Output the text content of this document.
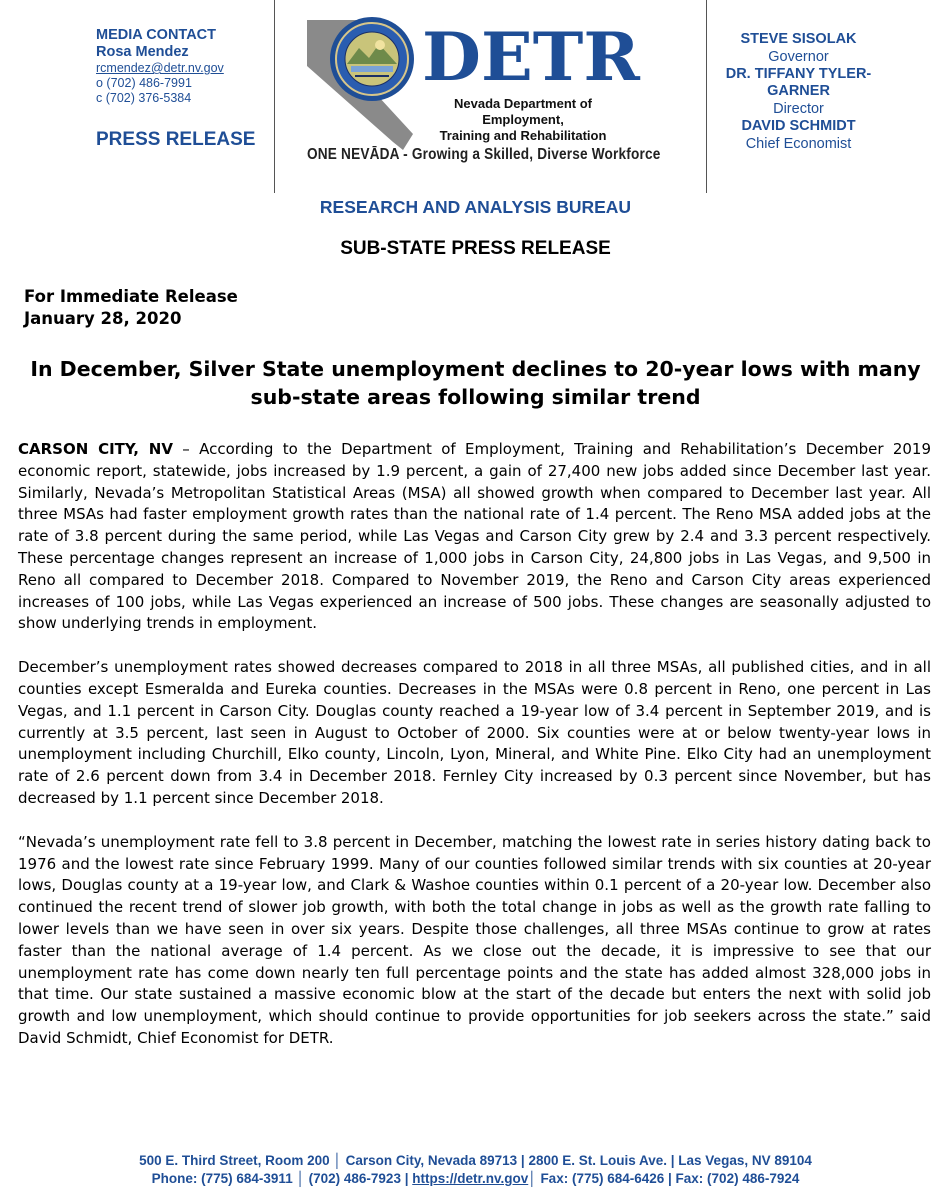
MEDIA CONTACT
Rosa Mendez
rcmendez@detr.nv.gov
o (702) 486-7991
c (702) 376-5384
PRESS RELEASE
DETR
Nevada Department of Employment,
Training and Rehabilitation
ONE NEVĀDA - Growing a Skilled, Diverse Workforce
STEVE SISOLAK
Governor
DR. TIFFANY TYLER-GARNER
Director
DAVID SCHMIDT
Chief Economist
RESEARCH AND ANALYSIS BUREAU
SUB-STATE PRESS RELEASE
For Immediate Release
January 28, 2020
In December, Silver State unemployment declines to 20-year lows with many sub-state areas following similar trend

CARSON CITY, NV – According to the Department of Employment, Training and Rehabilitation’s December 2019 economic report, statewide, jobs increased by 1.9 percent, a gain of 27,400 new jobs added since December last year. Similarly, Nevada’s Metropolitan Statistical Areas (MSA) all showed growth when compared to December last year. All three MSAs had faster employment growth rates than the national rate of 1.4 percent. The Reno MSA added jobs at the rate of 3.8 percent during the same period, while Las Vegas and Carson City grew by 2.4 and 3.3 percent respectively. These percentage changes represent an increase of 1,000 jobs in Carson City, 24,800 jobs in Las Vegas, and 9,500 in Reno all compared to December 2018. Compared to November 2019, the Reno and Carson City areas experienced increases of 100 jobs, while Las Vegas experienced an increase of 500 jobs. These changes are seasonally adjusted to show underlying trends in employment.

December’s unemployment rates showed decreases compared to 2018 in all three MSAs, all published cities, and in all counties except Esmeralda and Eureka counties. Decreases in the MSAs were 0.8 percent in Reno, one percent in Las Vegas, and 1.1 percent in Carson City. Douglas county reached a 19-year low of 3.4 percent in September 2019, and is currently at 3.5 percent, last seen in August to October of 2000. Six counties were at or below twenty-year lows in unemployment including Churchill, Elko county, Lincoln, Lyon, Mineral, and White Pine. Elko City had an unemployment rate of 2.6 percent down from 3.4 in December 2018. Fernley City increased by 0.3 percent since November, but has decreased by 1.1 percent since December 2018.

“Nevada’s unemployment rate fell to 3.8 percent in December, matching the lowest rate in series history dating back to 1976 and the lowest rate since February 1999. Many of our counties followed similar trends with six counties at 20-year lows, Douglas county at a 19-year low, and Clark & Washoe counties within 0.1 percent of a 20-year low. December also continued the recent trend of slower job growth, with both the total change in jobs as well as the growth rate falling to lower levels than we have seen in over six years. Despite those challenges, all three MSAs continue to grow at rates faster than the national average of 1.4 percent. As we close out the decade, it is impressive to see that our unemployment rate has come down nearly ten full percentage points and the state has added almost 328,000 jobs in that time. Our state sustained a massive economic blow at the start of the decade but enters the next with solid job growth and low unemployment, which should continue to provide opportunities for job seekers across the state.” said David Schmidt, Chief Economist for DETR.

500 E. Third Street, Room 200 │ Carson City, Nevada 89713 | 2800 E. St. Louis Ave. | Las Vegas, NV 89104
Phone: (775) 684-3911 │ (702) 486-7923 | https://detr.nv.gov│ Fax: (775) 684-6426 | Fax: (702) 486-7924
